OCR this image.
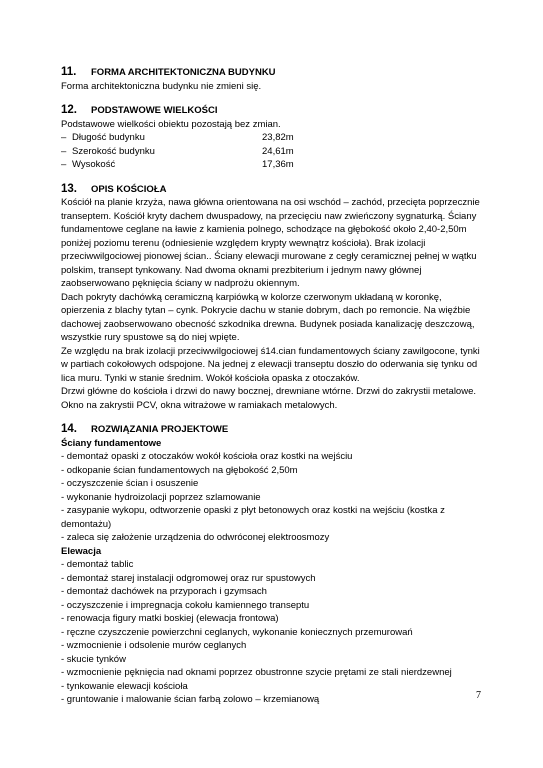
11.	FORMA ARCHITEKTONICZNA BUDYNKU

Forma architektoniczna budynku nie zmieni się.

12.	PODSTAWOWE WIELKOŚCI

Podstawowe wielkości obiektu pozostają bez zmian.

– Długość budynku	23,82m
– Szerokość budynku	24,61m
– Wysokość	17,36m
13.	OPIS KOŚCIOŁA

Kościół na planie krzyża, nawa główna orientowana na osi wschód – zachód, przecięta poprzecznie transeptem. Kościół kryty dachem dwuspadowy, na przecięciu naw zwieńczony sygnaturką. Ściany fundamentowe ceglane na ławie z kamienia polnego, schodzące na głębokość około 2,40-2,50m poniżej poziomu terenu (odniesienie względem krypty wewnątrz kościoła). Brak izolacji przeciwwilgociowej pionowej ścian.. Ściany elewacji murowane z cegły ceramicznej pełnej w wątku polskim, transept tynkowany. Nad dwoma oknami prezbiterium i jednym nawy głównej zaobserwowano pęknięcia ściany w nadprożu okiennym.

Dach pokryty dachówką ceramiczną karpiówką w kolorze czerwonym układaną w koronkę, opierzenia z blachy tytan – cynk. Pokrycie dachu w stanie dobrym, dach po remoncie. Na więźbie dachowej zaobserwowano obecność szkodnika drewna. Budynek posiada kanalizację deszczową, wszystkie rury spustowe są do niej wpięte.

Ze względu na brak izolacji przeciwwilgociowej ś14.cian fundamentowych ściany zawilgocone, tynki w partiach cokołowych odspojone. Na jednej z elewacji transeptu doszło do oderwania się tynku od lica muru. Tynki w stanie średnim. Wokół kościoła opaska z otoczaków.

Drzwi główne do kościoła i drzwi do nawy bocznej, drewniane wtórne. Drzwi do zakrystii metalowe. Okno na zakrystii PCV, okna witrażowe w ramiakach metalowych.

14.	ROZWIĄZANIA PROJEKTOWE
Ściany fundamentowe
- demontaż opaski z otoczaków wokół kościoła oraz kostki na wejściu
- odkopanie ścian fundamentowych na głębokość 2,50m
- oczyszczenie ścian i osuszenie
- wykonanie hydroizolacji poprzez szlamowanie
- zasypanie wykopu, odtworzenie opaski z płyt betonowych oraz kostki na wejściu (kostka z demontażu)
- zaleca się założenie urządzenia do odwróconej elektroosmozy
Elewacja
- demontaż tablic
- demontaż starej instalacji odgromowej oraz rur spustowych
- demontaż dachówek na przyporach i gzymsach
- oczyszczenie i impregnacja cokołu kamiennego transeptu
- renowacja figury matki boskiej (elewacja frontowa)
- ręczne czyszczenie powierzchni ceglanych, wykonanie koniecznych przemurowań
- wzmocnienie i odsolenie murów ceglanych
- skucie tynków
- wzmocnienie pęknięcia nad oknami poprzez obustronne szycie prętami ze stali nierdzewnej
- tynkowanie elewacji kościoła
- gruntowanie i malowanie ścian farbą zolowo – krzemianową	7
